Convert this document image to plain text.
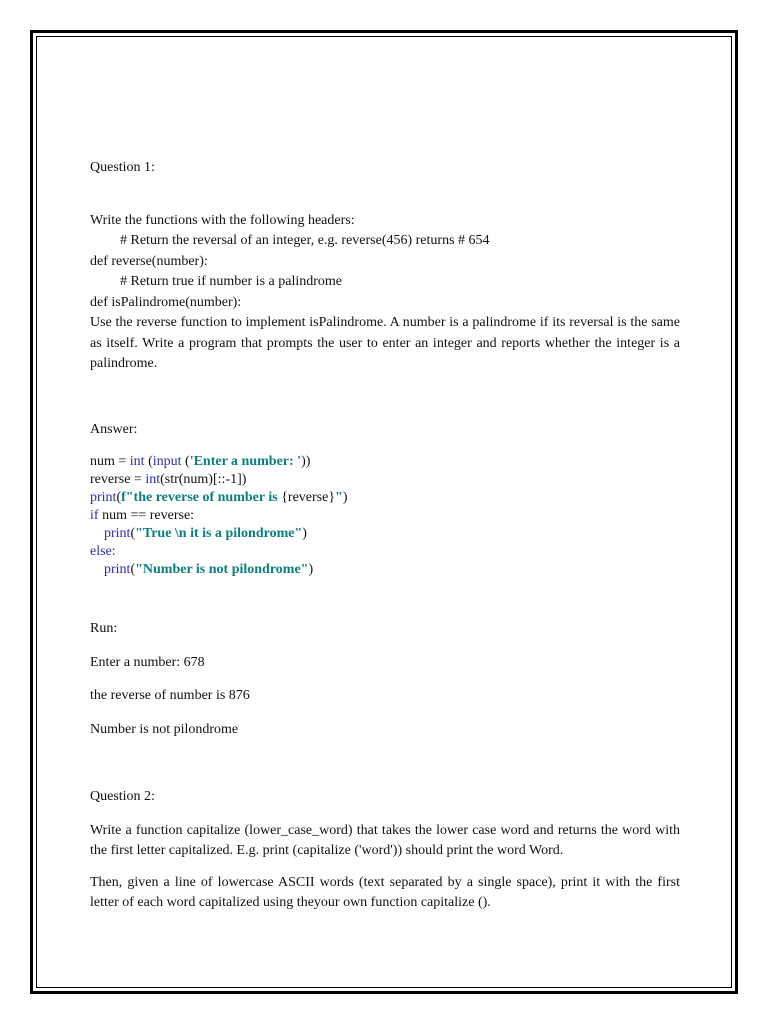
Question 1:
Write the functions with the following headers:
# Return the reversal of an integer, e.g. reverse(456) returns # 654
def reverse(number):
# Return true if number is a palindrome
def isPalindrome(number):
Use the reverse function to implement isPalindrome. A number is a palindrome if its reversal is the same as itself. Write a program that prompts the user to enter an integer and reports whether the integer is a palindrome.
Answer:
num = int (input ('Enter a number: '))
reverse = int(str(num)[::-1])
print(f"the reverse of number is {reverse}")
if num == reverse:
print("True \n it is a pilondrome")
else:
print("Number is not pilondrome")
Run:
Enter a number: 678
the reverse of number is 876
Number is not pilondrome
Question 2:
Write a function capitalize (lower_case_word) that takes the lower case word and returns the word with the first letter capitalized. E.g. print (capitalize ('word')) should print the word Word.
Then, given a line of lowercase ASCII words (text separated by a single space), print it with the first letter of each word capitalized using theyour own function capitalize ().
